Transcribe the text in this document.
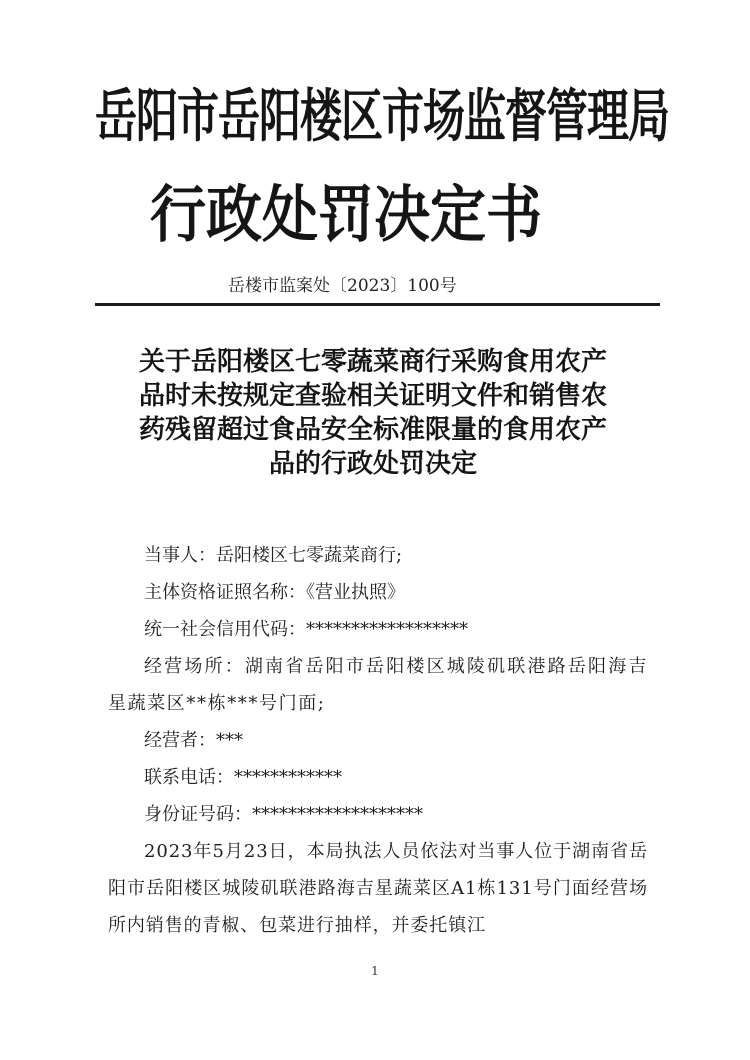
岳阳市岳阳楼区市场监督管理局
行政处罚决定书
岳楼市监案处〔2023〕100号
关于岳阳楼区七零蔬菜商行采购食用农产
品时未按规定查验相关证明文件和销售农
药残留超过食品安全标准限量的食用农产
品的行政处罚决定

当事人：岳阳楼区七零蔬菜商行;

主体资格证照名称：《营业执照》

统一社会信用代码：******************

经营场所：湖南省岳阳市岳阳楼区城陵矶联港路岳阳海吉星蔬菜区**栋***号门面;

经营者：***

联系电话：************

身份证号码：*******************

2023年5月23日，本局执法人员依法对当事人位于湖南省岳阳市岳阳楼区城陵矶联港路海吉星蔬菜区A1栋131号门面经营场所内销售的青椒、包菜进行抽样，并委托镇江

1
